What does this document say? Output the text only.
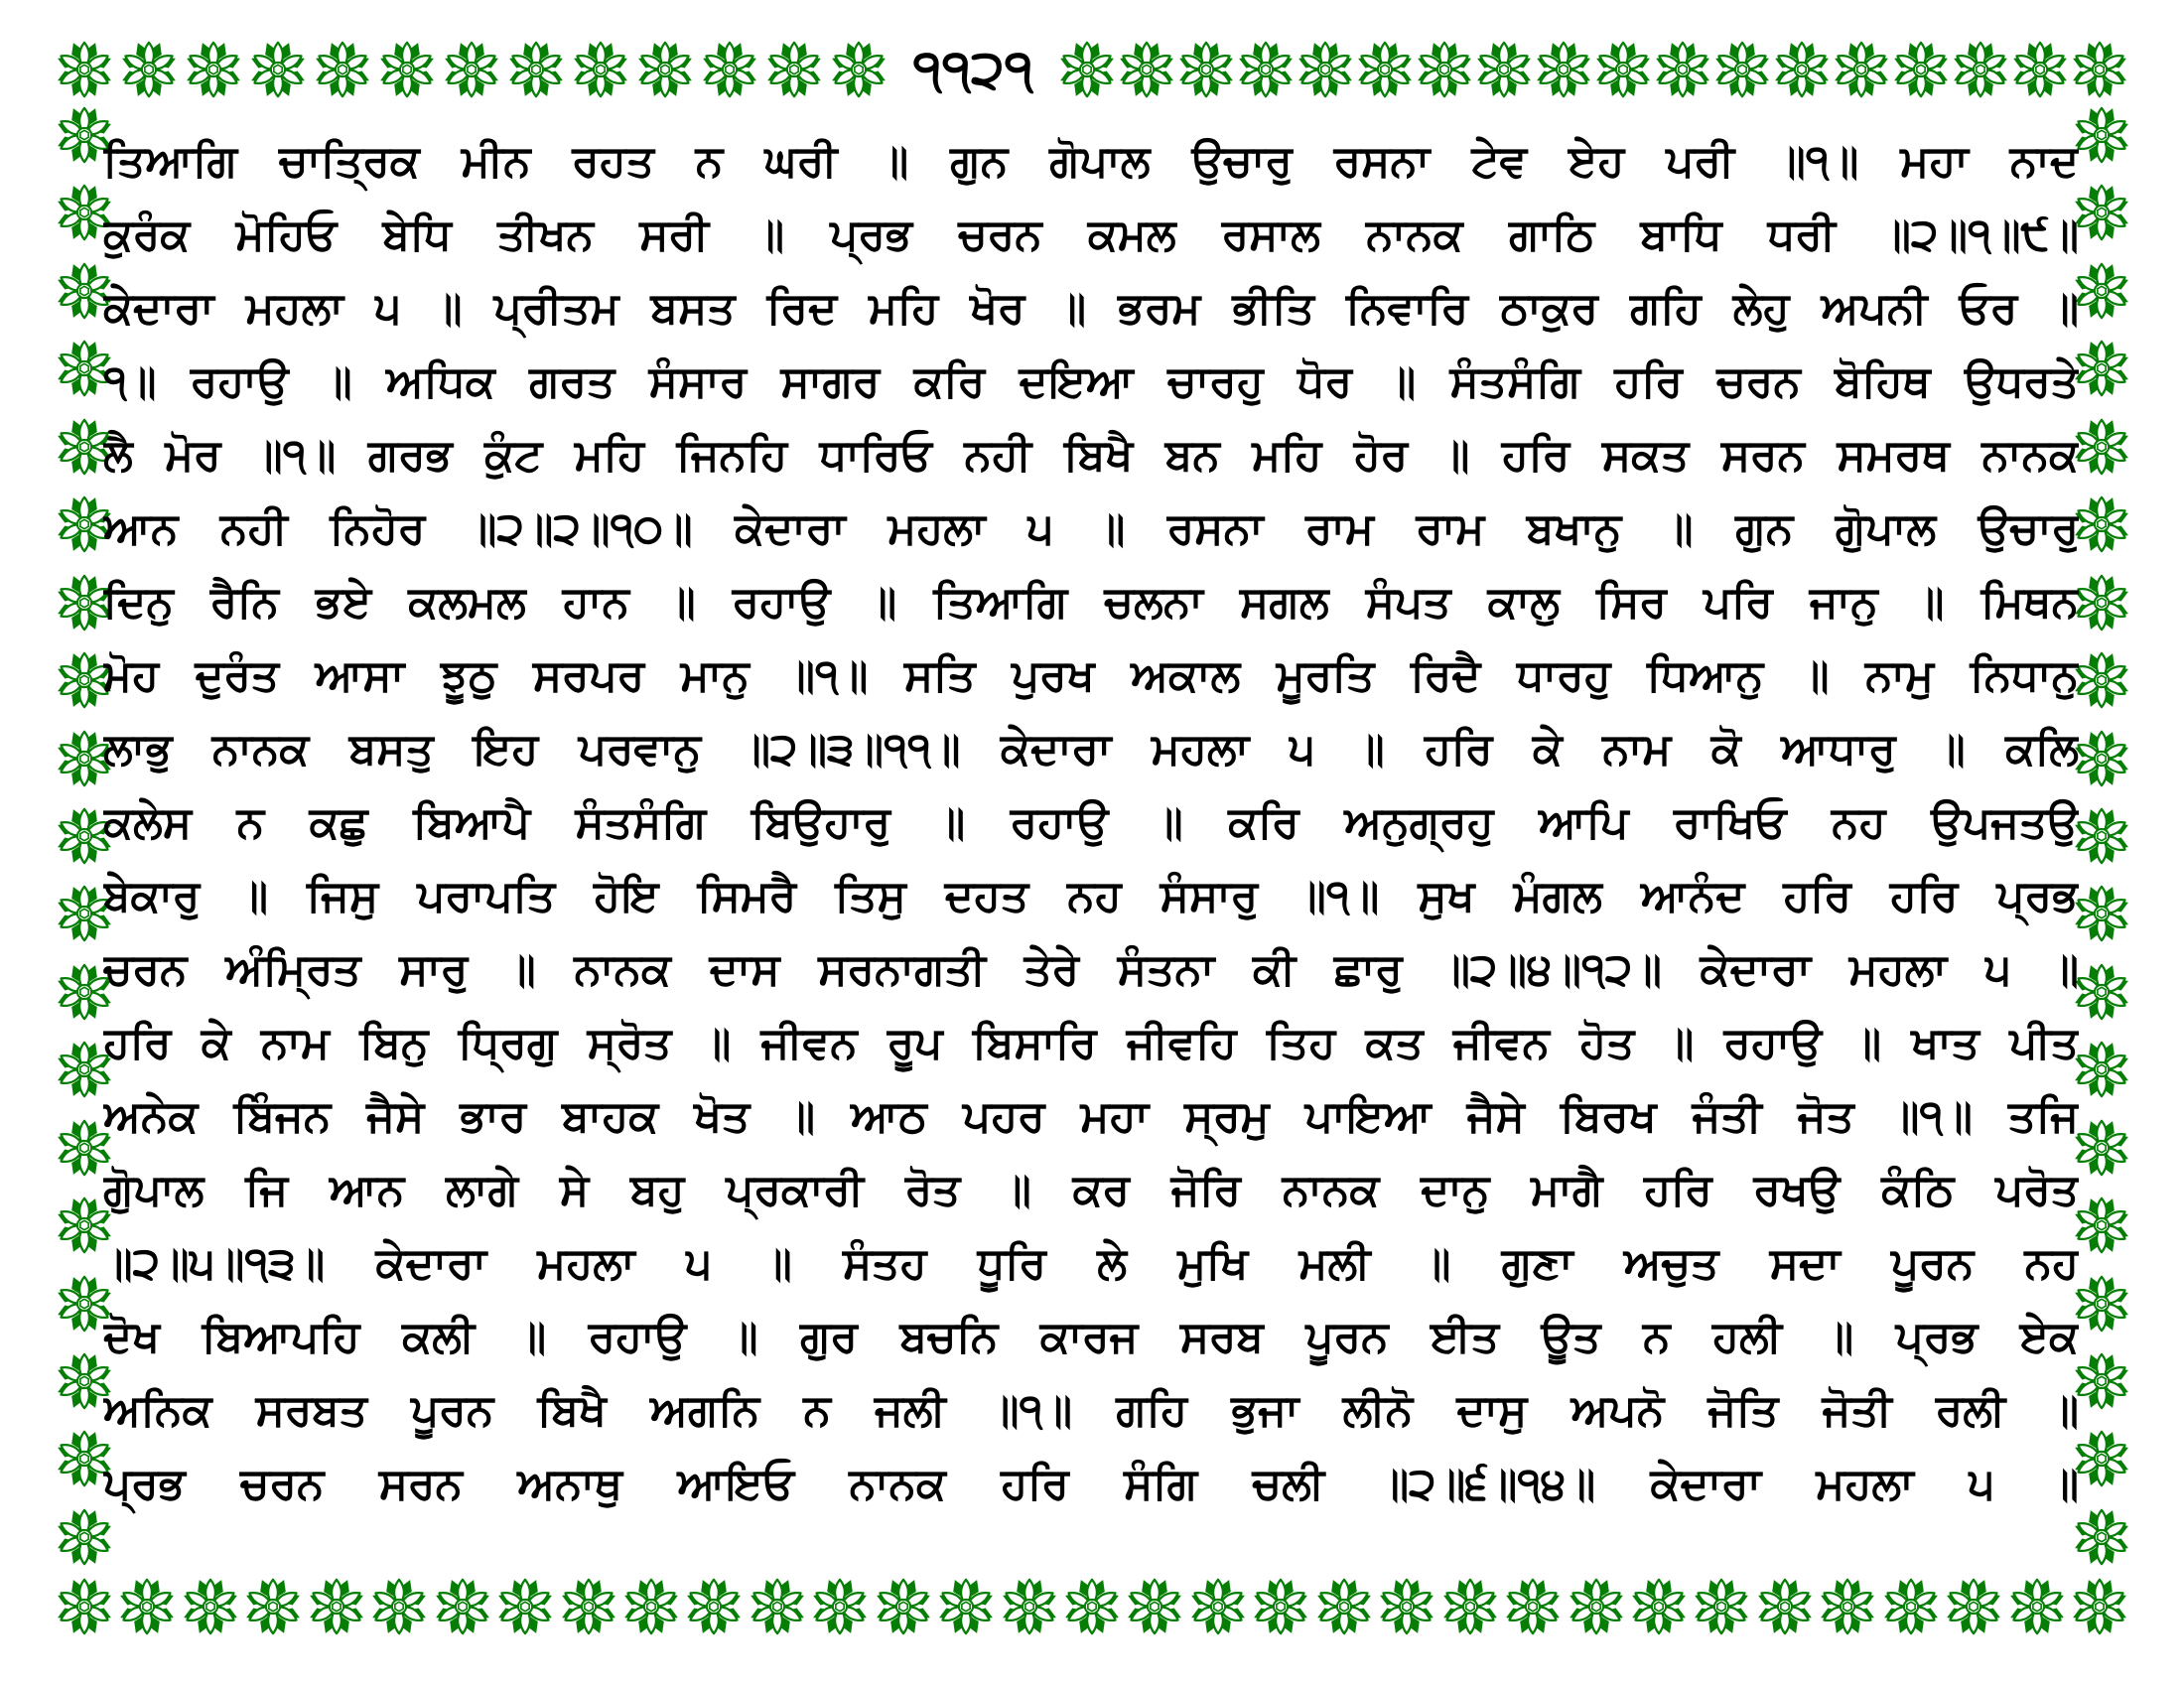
੧੧੨੧
ਤਿਆਗਿ ਚਾਤ੍ਰਿਕ ਮੀਨ ਰਹਤ ਨ ਘਰੀ ॥ ਗੁਨ ਗੋਪਾਲ ਉਚਾਰੁ ਰਸਨਾ ਟੇਵ ਏਹ ਪਰੀ ॥੧॥ ਮਹਾ ਨਾਦ
ਕੁਰੰਕ ਮੋਹਿਓ ਬੇਧਿ ਤੀਖਨ ਸਰੀ ॥ ਪ੍ਰਭ ਚਰਨ ਕਮਲ ਰਸਾਲ ਨਾਨਕ ਗਾਠਿ ਬਾਧਿ ਧਰੀ ॥੨॥੧॥੯॥
ਕੇਦਾਰਾ ਮਹਲਾ ੫ ॥ ਪ੍ਰੀਤਮ ਬਸਤ ਰਿਦ ਮਹਿ ਖੋਰ ॥ ਭਰਮ ਭੀਤਿ ਨਿਵਾਰਿ ਠਾਕੁਰ ਗਹਿ ਲੇਹੁ ਅਪਨੀ ਓਰ ॥
੧॥ ਰਹਾਉ ॥ ਅਧਿਕ ਗਰਤ ਸੰਸਾਰ ਸਾਗਰ ਕਰਿ ਦਇਆ ਚਾਰਹੁ ਧੋਰ ॥ ਸੰਤਸੰਗਿ ਹਰਿ ਚਰਨ ਬੋਹਿਥ ਉਧਰਤੇ
ਲੈ ਮੋਰ ॥੧॥ ਗਰਭ ਕੁੰਟ ਮਹਿ ਜਿਨਹਿ ਧਾਰਿਓ ਨਹੀ ਬਿਖੈ ਬਨ ਮਹਿ ਹੋਰ ॥ ਹਰਿ ਸਕਤ ਸਰਨ ਸਮਰਥ ਨਾਨਕ
ਆਨ ਨਹੀ ਨਿਹੋਰ ॥੨॥੨॥੧੦॥ ਕੇਦਾਰਾ ਮਹਲਾ ੫ ॥ ਰਸਨਾ ਰਾਮ ਰਾਮ ਬਖਾਨੁ ॥ ਗੁਨ ਗੁੋਪਾਲ ਉਚਾਰੁ
ਦਿਨੁ ਰੈਨਿ ਭਏ ਕਲਮਲ ਹਾਨ ॥ ਰਹਾਉ ॥ ਤਿਆਗਿ ਚਲਨਾ ਸਗਲ ਸੰਪਤ ਕਾਲੁ ਸਿਰ ਪਰਿ ਜਾਨੁ ॥ ਮਿਥਨ
ਮੋਹ ਦੁਰੰਤ ਆਸਾ ਝੂਠੁ ਸਰਪਰ ਮਾਨੁ ॥੧॥ ਸਤਿ ਪੁਰਖ ਅਕਾਲ ਮੂਰਤਿ ਰਿਦੈ ਧਾਰਹੁ ਧਿਆਨੁ ॥ ਨਾਮੁ ਨਿਧਾਨੁ
ਲਾਭੁ ਨਾਨਕ ਬਸਤੁ ਇਹ ਪਰਵਾਨੁ ॥੨॥੩॥੧੧॥ ਕੇਦਾਰਾ ਮਹਲਾ ੫ ॥ ਹਰਿ ਕੇ ਨਾਮ ਕੋ ਆਧਾਰੁ ॥ ਕਲਿ
ਕਲੇਸ ਨ ਕਛੁ ਬਿਆਪੈ ਸੰਤਸੰਗਿ ਬਿਉਹਾਰੁ ॥ ਰਹਾਉ ॥ ਕਰਿ ਅਨੁਗ੍ਰਹੁ ਆਪਿ ਰਾਖਿਓ ਨਹ ਉਪਜਤਉ
ਬੇਕਾਰੁ ॥ ਜਿਸੁ ਪਰਾਪਤਿ ਹੋਇ ਸਿਮਰੈ ਤਿਸੁ ਦਹਤ ਨਹ ਸੰਸਾਰੁ ॥੧॥ ਸੁਖ ਮੰਗਲ ਆਨੰਦ ਹਰਿ ਹਰਿ ਪ੍ਰਭ
ਚਰਨ ਅੰਮ੍ਰਿਤ ਸਾਰੁ ॥ ਨਾਨਕ ਦਾਸ ਸਰਨਾਗਤੀ ਤੇਰੇ ਸੰਤਨਾ ਕੀ ਛਾਰੁ ॥੨॥੪॥੧੨॥ ਕੇਦਾਰਾ ਮਹਲਾ ੫ ॥
ਹਰਿ ਕੇ ਨਾਮ ਬਿਨੁ ਧ੍ਰਿਗੁ ਸ੍ਰੋਤ ॥ ਜੀਵਨ ਰੂਪ ਬਿਸਾਰਿ ਜੀਵਹਿ ਤਿਹ ਕਤ ਜੀਵਨ ਹੋਤ ॥ ਰਹਾਉ ॥ ਖਾਤ ਪੀਤ
ਅਨੇਕ ਬਿੰਜਨ ਜੈਸੇ ਭਾਰ ਬਾਹਕ ਖੋਤ ॥ ਆਠ ਪਹਰ ਮਹਾ ਸ੍ਰਮੁ ਪਾਇਆ ਜੈਸੇ ਬਿਰਖ ਜੰਤੀ ਜੋਤ ॥੧॥ ਤਜਿ
ਗੁੋਪਾਲ ਜਿ ਆਨ ਲਾਗੇ ਸੇ ਬਹੁ ਪ੍ਰਕਾਰੀ ਰੋਤ ॥ ਕਰ ਜੋਰਿ ਨਾਨਕ ਦਾਨੁ ਮਾਗੈ ਹਰਿ ਰਖਉ ਕੰਠਿ ਪਰੋਤ
॥੨॥੫॥੧੩॥ ਕੇਦਾਰਾ ਮਹਲਾ ੫ ॥ ਸੰਤਹ ਧੂਰਿ ਲੇ ਮੁਖਿ ਮਲੀ ॥ ਗੁਣਾ ਅਚੁਤ ਸਦਾ ਪੂਰਨ ਨਹ
ਦੋਖ ਬਿਆਪਹਿ ਕਲੀ ॥ ਰਹਾਉ ॥ ਗੁਰ ਬਚਨਿ ਕਾਰਜ ਸਰਬ ਪੂਰਨ ਈਤ ਊਤ ਨ ਹਲੀ ॥ ਪ੍ਰਭ ਏਕ
ਅਨਿਕ ਸਰਬਤ ਪੂਰਨ ਬਿਖੈ ਅਗਨਿ ਨ ਜਲੀ ॥੧॥ ਗਹਿ ਭੁਜਾ ਲੀਨੋ ਦਾਸੁ ਅਪਨੋ ਜੋਤਿ ਜੋਤੀ ਰਲੀ ॥
ਪ੍ਰਭ ਚਰਨ ਸਰਨ ਅਨਾਥੁ ਆਇਓ ਨਾਨਕ ਹਰਿ ਸੰਗਿ ਚਲੀ ॥੨॥੬॥੧੪॥ ਕੇਦਾਰਾ ਮਹਲਾ ੫ ॥
